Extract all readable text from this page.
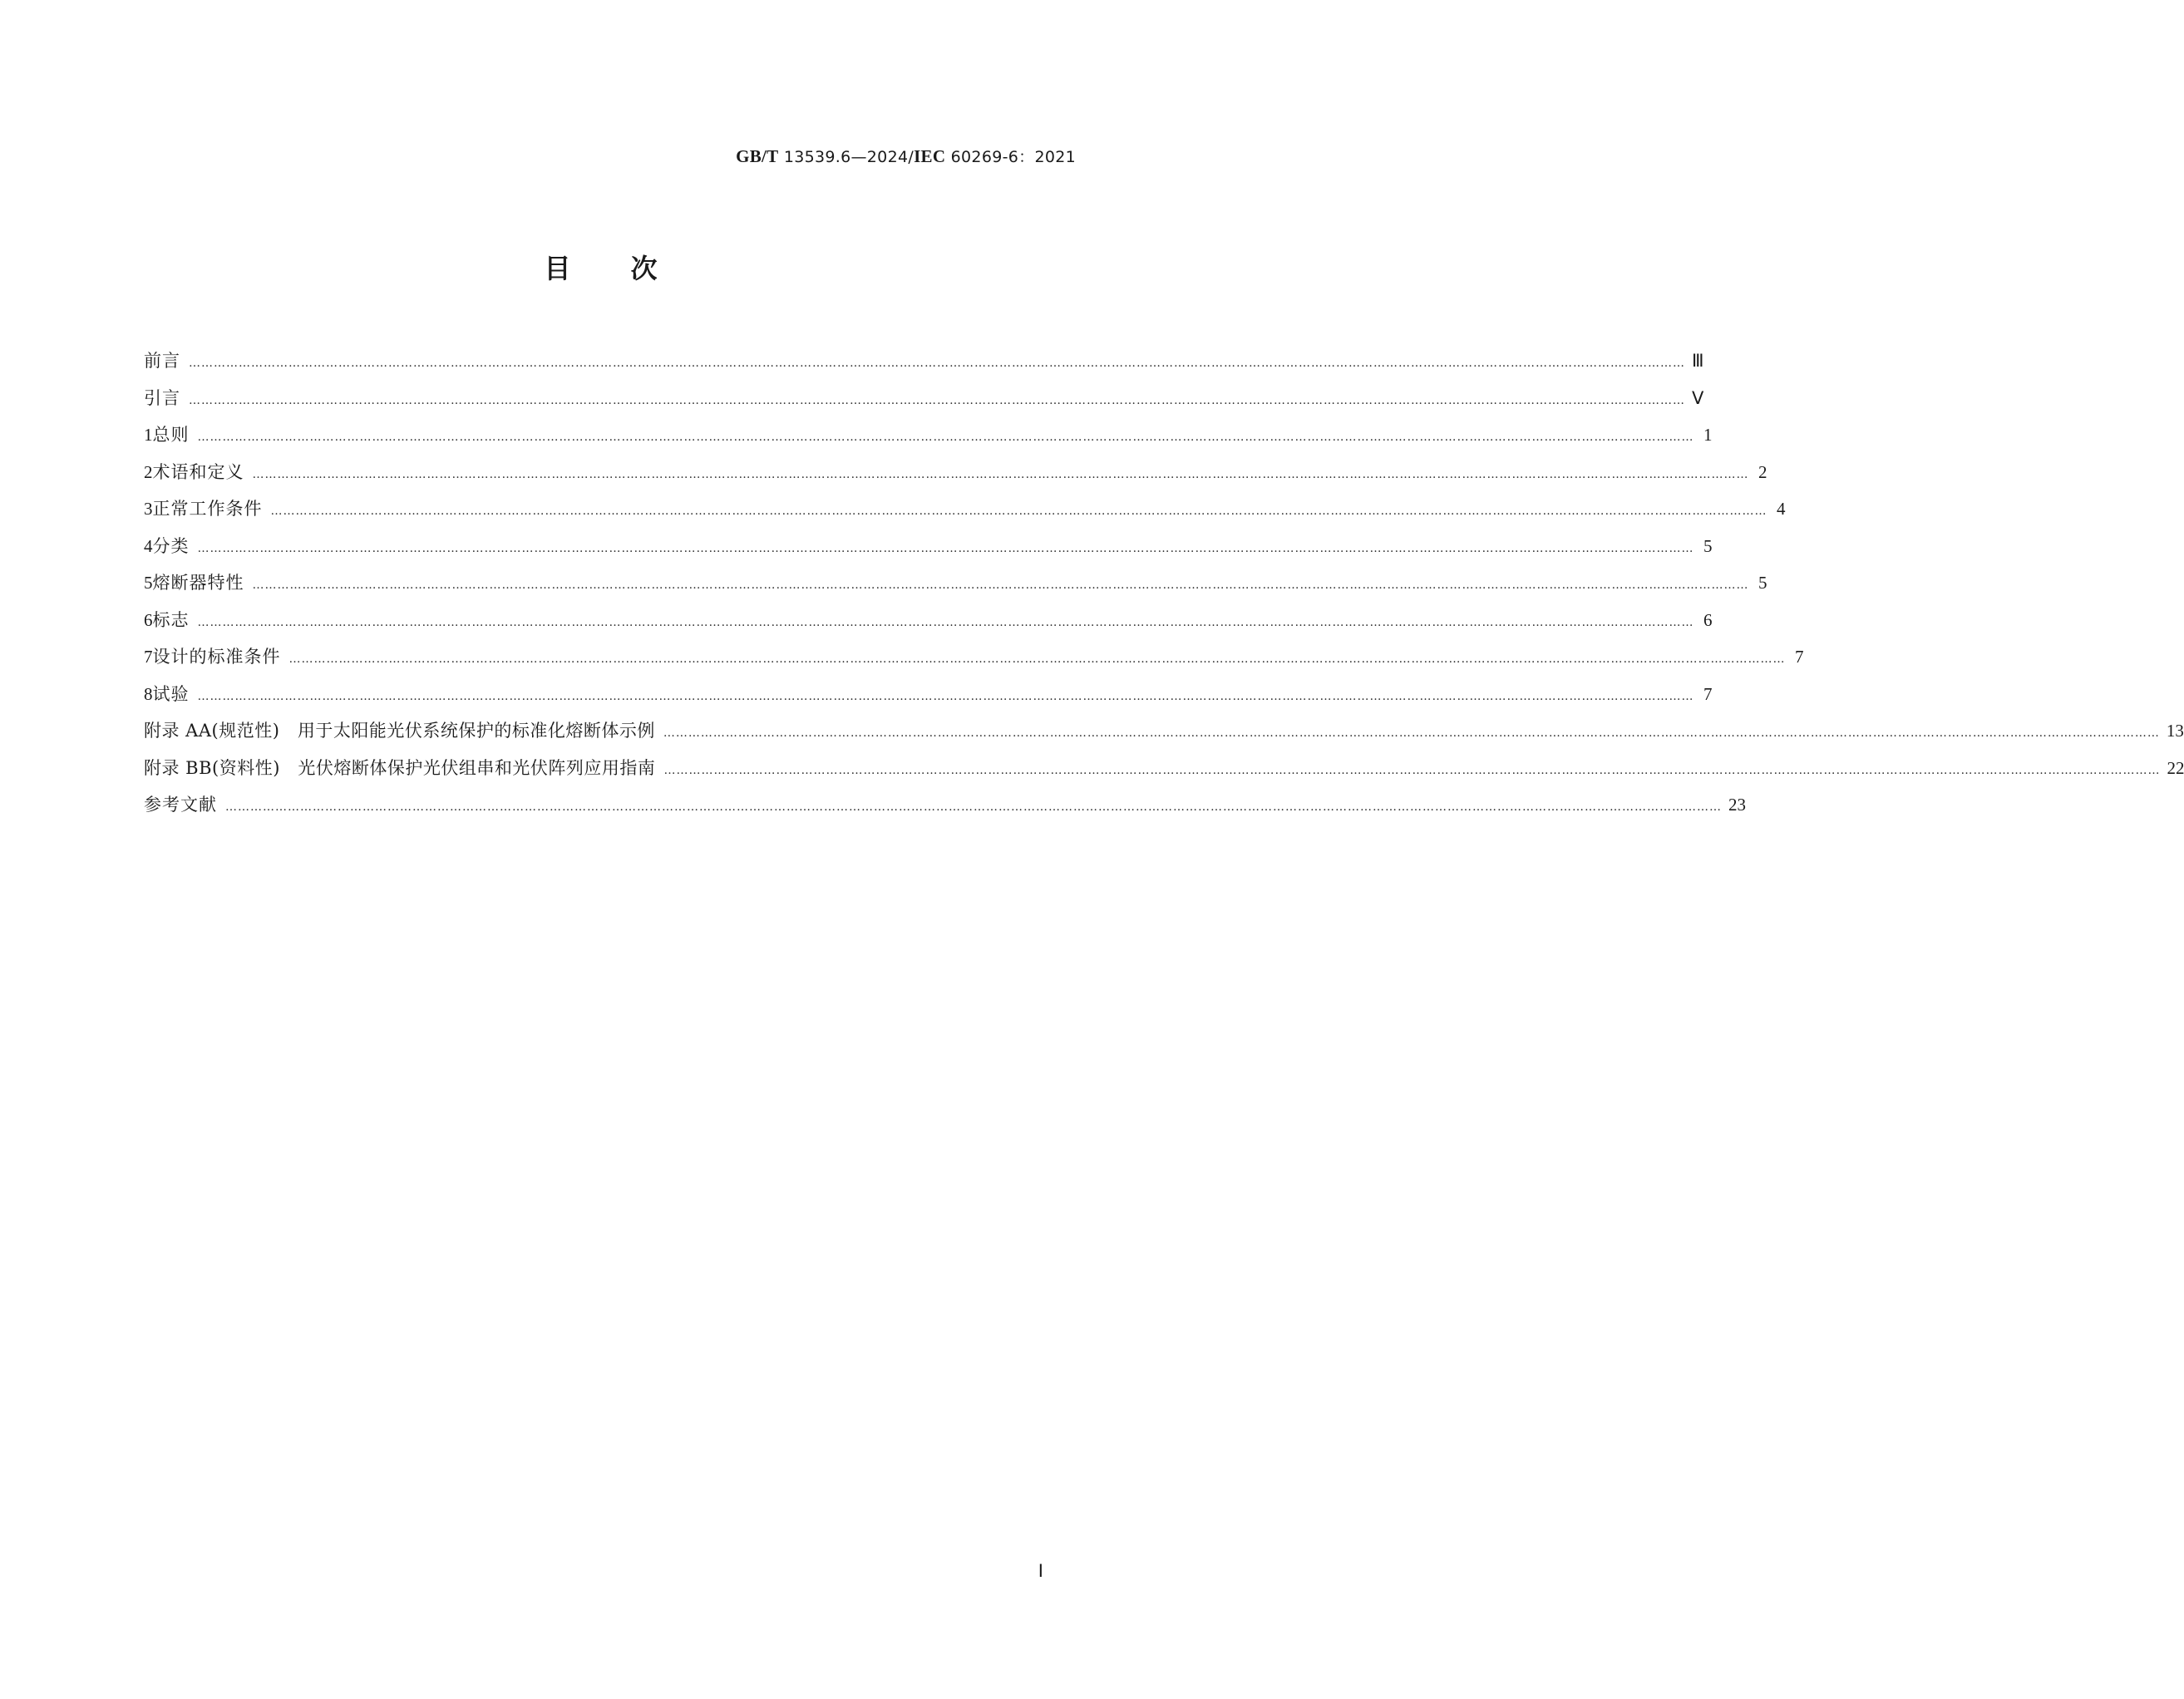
GB/T 13539.6—2024/IEC 60269-6：2021
目次
前言 ……………………………………………………………………………………………………………………………………………………………………………………………………………………………………………………………………………………………………………………………… Ⅲ
引言 ……………………………………………………………………………………………………………………………………………………………………………………………………………………………………………………………………………………………………………………………… Ⅴ
1 总则 ……………………………………………………………………………………………………………………………………………………………………………………………………………………………………………………………………………………………………………………………… 1
2 术语和定义 ……………………………………………………………………………………………………………………………………………………………………………………………………………………………………………………………………………………………………………………………… 2
3 正常工作条件 ……………………………………………………………………………………………………………………………………………………………………………………………………………………………………………………………………………………………………………………………… 4
4 分类 ……………………………………………………………………………………………………………………………………………………………………………………………………………………………………………………………………………………………………………………………… 5
5 熔断器特性 ……………………………………………………………………………………………………………………………………………………………………………………………………………………………………………………………………………………………………………………………… 5
6 标志 ……………………………………………………………………………………………………………………………………………………………………………………………………………………………………………………………………………………………………………………………… 6
7 设计的标准条件 ……………………………………………………………………………………………………………………………………………………………………………………………………………………………………………………………………………………………………………………………… 7
8 试验 ……………………………………………………………………………………………………………………………………………………………………………………………………………………………………………………………………………………………………………………………… 7
附录 AA(规范性)　用于太阳能光伏系统保护的标准化熔断体示例 ……………………………………………………………………………………………………………………………………………………………………………………………………………………………………………………………………………………………………………………………… 13
附录 BB(资料性)　光伏熔断体保护光伏组串和光伏阵列应用指南 ……………………………………………………………………………………………………………………………………………………………………………………………………………………………………………………………………………………………………………………………… 22
参考文献 ……………………………………………………………………………………………………………………………………………………………………………………………………………………………………………………………………………………………………………………………… 23
Ⅰ
